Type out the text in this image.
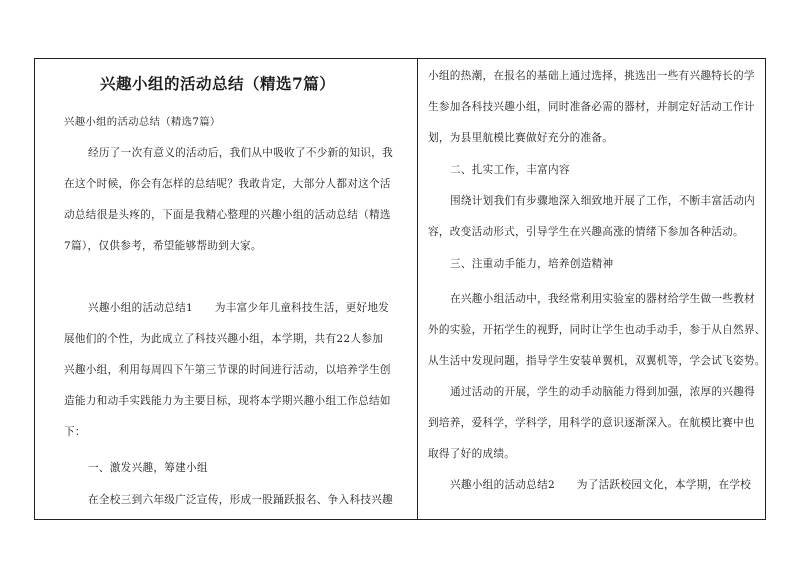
兴趣小组的活动总结（精选7篇）
兴趣小组的活动总结（精选7篇）
经历了一次有意义的活动后，我们从中吸收了不少新的知识，我
在这个时候，你会有怎样的总结呢？我敢肯定，大部分人都对这个活
动总结很是头疼的，下面是我精心整理的兴趣小组的活动总结（精选
7篇），仅供参考，希望能够帮助到大家。
兴趣小组的活动总结1　　为丰富少年儿童科技生活，更好地发
展他们的个性，为此成立了科技兴趣小组，本学期，共有22人参加
兴趣小组，利用每周四下午第三节课的时间进行活动，以培养学生创
造能力和动手实践能力为主要目标，现将本学期兴趣小组工作总结如
下：
一、激发兴趣，筹建小组
在全校三到六年级广泛宣传，形成一股踊跃报名、争入科技兴趣
小组的热潮，在报名的基础上通过选择，挑选出一些有兴趣特长的学
生参加各科技兴趣小组，同时准备必需的器材，并制定好活动工作计
划，为县里航模比赛做好充分的准备。
二、扎实工作，丰富内容
围绕计划我们有步骤地深入细致地开展了工作，不断丰富活动内
容，改变活动形式，引导学生在兴趣高涨的情绪下参加各种活动。
三、注重动手能力，培养创造精神
在兴趣小组活动中，我经常利用实验室的器材给学生做一些教材
外的实验，开拓学生的视野，同时让学生也动手动手，参于从自然界、
从生活中发现问题，指导学生安装单翼机，双翼机等，学会试飞姿势。
通过活动的开展，学生的动手动脑能力得到加强，浓厚的兴趣得
到培养，爱科学，学科学，用科学的意识逐渐深入。在航模比赛中也
取得了好的成绩。
兴趣小组的活动总结2　　为了活跃校园文化，本学期，在学校
